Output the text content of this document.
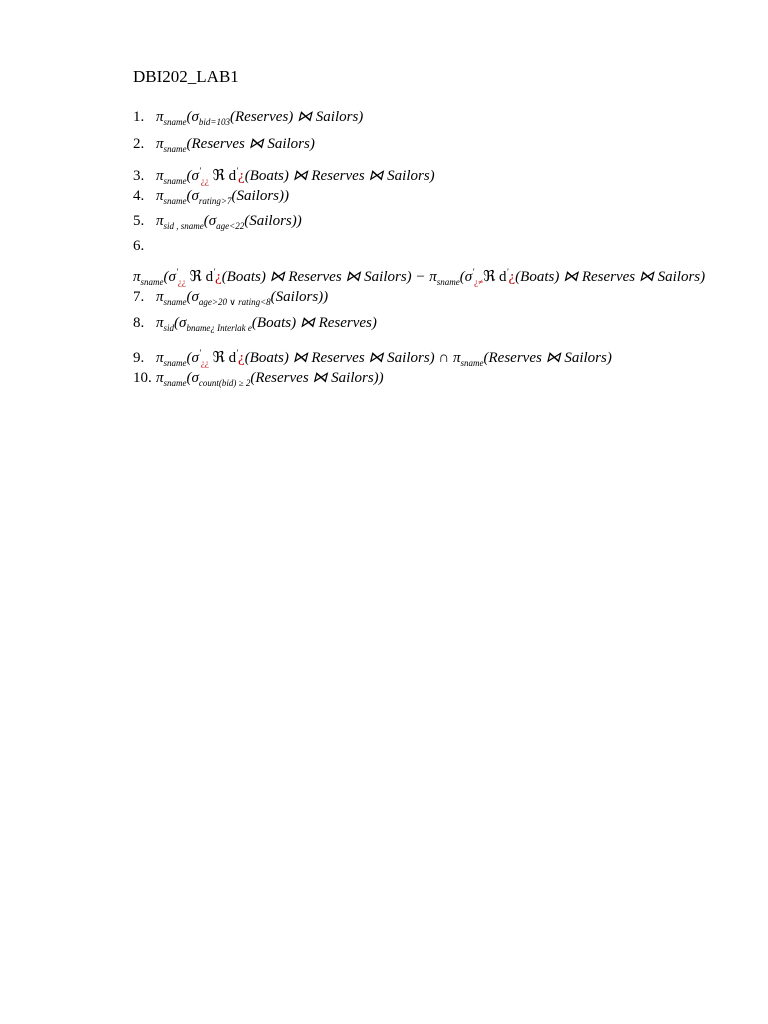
DBI202_LAB1
1. $\pi_{sname}(\sigma_{bid=103}(Reserves)$ ⋈ Sailors)
2. $\pi_{sname}(Reserves$ ⋈ Sailors)
3. $\pi_{sname}(\sigma'_{¿¿}$ ℜ d'¿(Boats) ⋈ Reserves ⋈ Sailors)
4. $\pi_{sname}(\sigma_{rating>7}(Sailors))$
5. $\pi_{sid , sname}(\sigma_{age<22}(Sailors))$
6.
$\pi_{sname}(\sigma'_{¿¿}$ ℜ d'¿(Boats) ⋈ Reserves ⋈ Sailors) − $\pi_{sname}(\sigma'_{¿\ne}ℜ$ d'¿(Boats) ⋈ Reserves ⋈ Sailors)
7. $\pi_{sname}(\sigma_{age>20 \vee rating<8}(Sailors))$
8. $\pi_{sid}(\sigma_{bname¿ Interlak e}(Boats)$ ⋈ Reserves)
9. $\pi_{sname}(\sigma'_{¿¿}$ ℜ d'¿(Boats) ⋈ Reserves ⋈ Sailors) ∩ $\pi_{sname}(Reserves$ ⋈ Sailors)
10. $\pi_{sname}(\sigma_{count(bid) \ge 2}(Reserves$ ⋈ Sailors))
